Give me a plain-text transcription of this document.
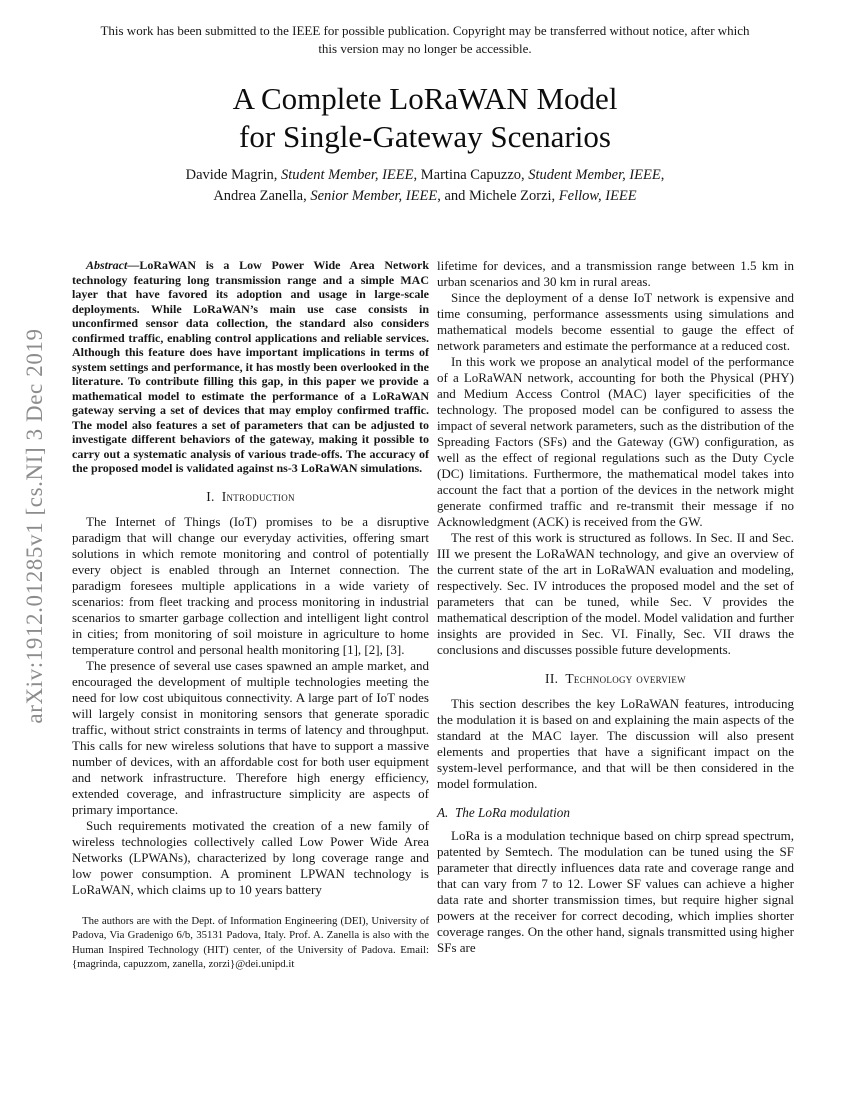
arXiv:1912.01285v1 [cs.NI] 3 Dec 2019
This work has been submitted to the IEEE for possible publication. Copyright may be transferred without notice, after which
this version may no longer be accessible.
A Complete LoRaWAN Model
for Single-Gateway Scenarios
Davide Magrin, Student Member, IEEE, Martina Capuzzo, Student Member, IEEE,
Andrea Zanella, Senior Member, IEEE, and Michele Zorzi, Fellow, IEEE

Abstract—LoRaWAN is a Low Power Wide Area Network technology featuring long transmission range and a simple MAC layer that have favored its adoption and usage in large-scale deployments. While LoRaWAN’s main use case consists in unconfirmed sensor data collection, the standard also considers confirmed traffic, enabling control applications and reliable services. Although this feature does have important implications in terms of system settings and performance, it has mostly been overlooked in the literature. To contribute filling this gap, in this paper we provide a mathematical model to estimate the performance of a LoRaWAN gateway serving a set of devices that may employ confirmed traffic. The model also features a set of parameters that can be adjusted to investigate different behaviors of the gateway, making it possible to carry out a systematic analysis of various trade-offs. The accuracy of the proposed model is validated against ns-3 LoRaWAN simulations.

I. Introduction

The Internet of Things (IoT) promises to be a disruptive paradigm that will change our everyday activities, offering smart solutions in which remote monitoring and control of potentially every object is enabled through an Internet connection. The paradigm foresees multiple applications in a wide variety of scenarios: from fleet tracking and process monitoring in industrial scenarios to smarter garbage collection and intelligent light control in cities; from monitoring of soil moisture in agriculture to home temperature control and personal health monitoring [1], [2], [3].

The presence of several use cases spawned an ample market, and encouraged the development of multiple technologies meeting the need for low cost ubiquitous connectivity. A large part of IoT nodes will largely consist in monitoring sensors that generate sporadic traffic, without strict constraints in terms of latency and throughput. This calls for new wireless solutions that have to support a massive number of devices, with an affordable cost for both user equipment and network infrastructure. Therefore high energy efficiency, extended coverage, and infrastructure simplicity are aspects of primary importance.

Such requirements motivated the creation of a new family of wireless technologies collectively called Low Power Wide Area Networks (LPWANs), characterized by long coverage range and low power consumption. A prominent LPWAN technology is LoRaWAN, which claims up to 10 years battery

The authors are with the Dept. of Information Engineering (DEI), University of Padova, Via Gradenigo 6/b, 35131 Padova, Italy. Prof. A. Zanella is also with the Human Inspired Technology (HIT) center, of the University of Padova. Email: {magrinda, capuzzom, zanella, zorzi}@dei.unipd.it

lifetime for devices, and a transmission range between 1.5 km in urban scenarios and 30 km in rural areas.

Since the deployment of a dense IoT network is expensive and time consuming, performance assessments using simulations and mathematical models become essential to gauge the effect of network parameters and estimate the performance at a reduced cost.

In this work we propose an analytical model of the performance of a LoRaWAN network, accounting for both the Physical (PHY) and Medium Access Control (MAC) layer specificities of the technology. The proposed model can be configured to assess the impact of several network parameters, such as the distribution of the Spreading Factors (SFs) and the Gateway (GW) configuration, as well as the effect of regional regulations such as the Duty Cycle (DC) limitations. Furthermore, the mathematical model takes into account the fact that a portion of the devices in the network might generate confirmed traffic and re-transmit their message if no Acknowledgment (ACK) is received from the GW.

The rest of this work is structured as follows. In Sec. II and Sec. III we present the LoRaWAN technology, and give an overview of the current state of the art in LoRaWAN evaluation and modeling, respectively. Sec. IV introduces the proposed model and the set of parameters that can be tuned, while Sec. V provides the mathematical description of the model. Model validation and further insights are provided in Sec. VI. Finally, Sec. VII draws the conclusions and discusses possible future developments.

II. Technology overview

This section describes the key LoRaWAN features, introducing the modulation it is based on and explaining the main aspects of the standard at the MAC layer. The discussion will also present elements and properties that have a significant impact on the system-level performance, and that will be then considered in the model formulation.

A. The LoRa modulation

LoRa is a modulation technique based on chirp spread spectrum, patented by Semtech. The modulation can be tuned using the SF parameter that directly influences data rate and coverage range and that can vary from 7 to 12. Lower SF values can achieve a higher data rate and shorter transmission times, but require higher signal powers at the receiver for correct decoding, which implies shorter coverage ranges. On the other hand, signals transmitted using higher SFs are
